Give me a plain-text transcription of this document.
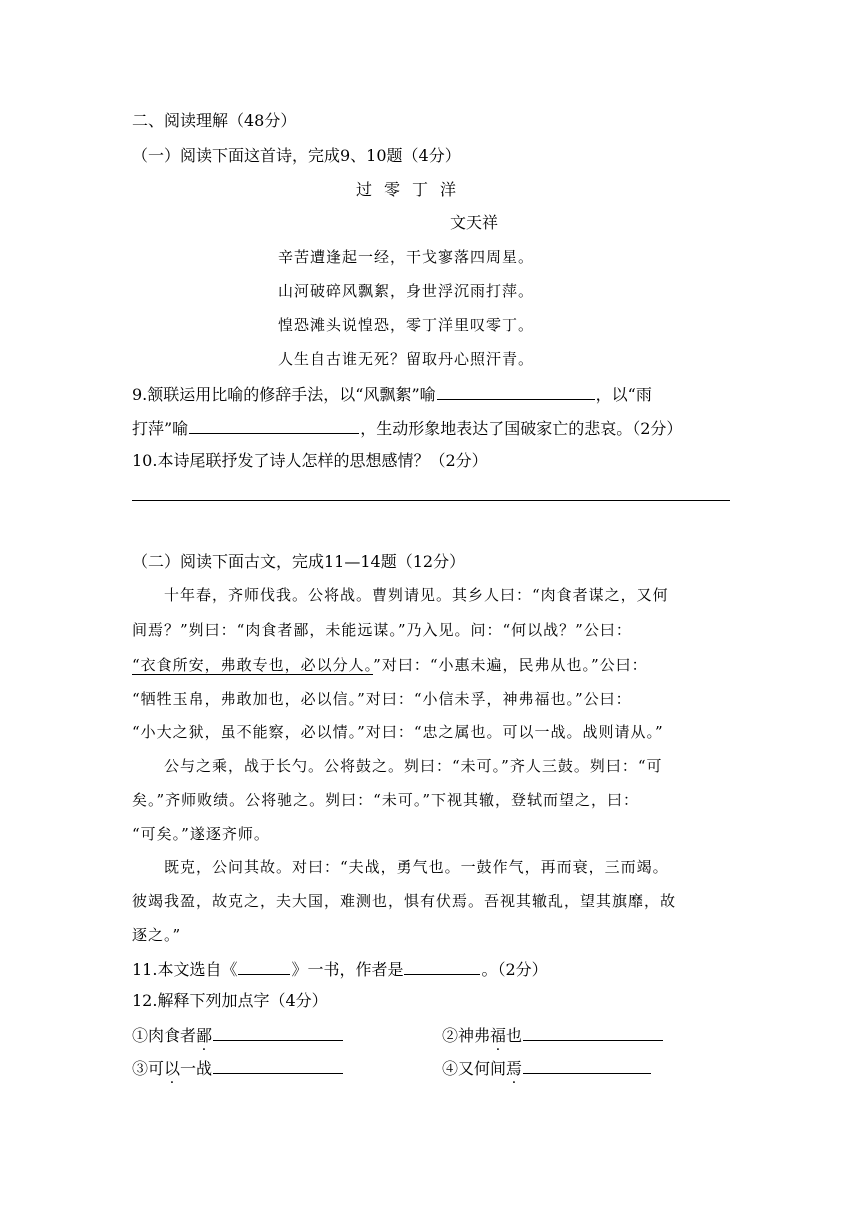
二、阅读理解（48分）
（一）阅读下面这首诗，完成9、10题（4分）
过零丁洋
文天祥
辛苦遭逢起一经，干戈寥落四周星。
山河破碎风飘絮，身世浮沉雨打萍。
惶恐滩头说惶恐，零丁洋里叹零丁。
人生自古谁无死？留取丹心照汗青。
9.颔联运用比喻的修辞手法，以“风飘絮”喻	，以“雨
打萍”喻	，生动形象地表达了国破家亡的悲哀。（2分）
10.本诗尾联抒发了诗人怎样的思想感情？（2分）
（二）阅读下面古文，完成11—14题（12分）
十年春，齐师伐我。公将战。曹刿请见。其乡人曰：“肉食者谋之，又何
间焉？”刿曰：“肉食者鄙，未能远谋。”乃入见。问：“何以战？”公曰：
“衣食所安，弗敢专也，必以分人。”对曰：“小惠未遍，民弗从也。”公曰：
“牺牲玉帛，弗敢加也，必以信。”对曰：“小信未孚，神弗福也。”公曰：
“小大之狱，虽不能察，必以情。”对曰：“忠之属也。可以一战。战则请从。”
公与之乘，战于长勺。公将鼓之。刿曰：“未可。”齐人三鼓。刿曰：“可
矣。”齐师败绩。公将驰之。刿曰：“未可。”下视其辙，登轼而望之，曰：
“可矣。”遂逐齐师。
既克，公问其故。对曰：“夫战，勇气也。一鼓作气，再而衰，三而竭。
彼竭我盈，故克之，夫大国，难测也，惧有伏焉。吾视其辙乱，望其旗靡，故
逐之。”
11.本文选自《	》一书，作者是	。（2分）
12.解释下列加点字（4分）
①肉食者鄙	②神弗福也
③可以一战	④又何间焉
